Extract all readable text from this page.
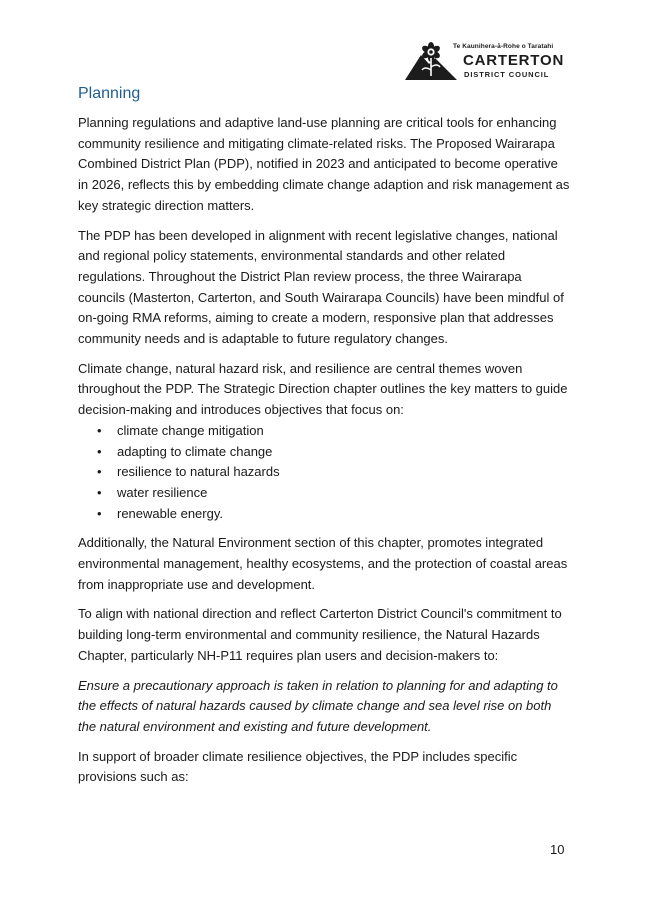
Te Kaunihera-ā-Rohe o Taratahi
CARTERTON
DISTRICT COUNCIL
Planning

Planning regulations and adaptive land-use planning are critical tools for enhancing community resilience and mitigating climate-related risks. The Proposed Wairarapa Combined District Plan (PDP), notified in 2023 and anticipated to become operative in 2026, reflects this by embedding climate change adaption and risk management as key strategic direction matters.

The PDP has been developed in alignment with recent legislative changes, national and regional policy statements, environmental standards and other related regulations. Throughout the District Plan review process, the three Wairarapa councils (Masterton, Carterton, and South Wairarapa Councils) have been mindful of on-going RMA reforms, aiming to create a modern, responsive plan that addresses community needs and is adaptable to future regulatory changes.

Climate change, natural hazard risk, and resilience are central themes woven throughout the PDP. The Strategic Direction chapter outlines the key matters to guide decision-making and introduces objectives that focus on:

• climate change mitigation
• adapting to climate change
• resilience to natural hazards
• water resilience
• renewable energy.

Additionally, the Natural Environment section of this chapter, promotes integrated environmental management, healthy ecosystems, and the protection of coastal areas from inappropriate use and development.

To align with national direction and reflect Carterton District Council's commitment to building long-term environmental and community resilience, the Natural Hazards Chapter, particularly NH-P11 requires plan users and decision-makers to:

Ensure a precautionary approach is taken in relation to planning for and adapting to the effects of natural hazards caused by climate change and sea level rise on both the natural environment and existing and future development.

In support of broader climate resilience objectives, the PDP includes specific provisions such as:

10
